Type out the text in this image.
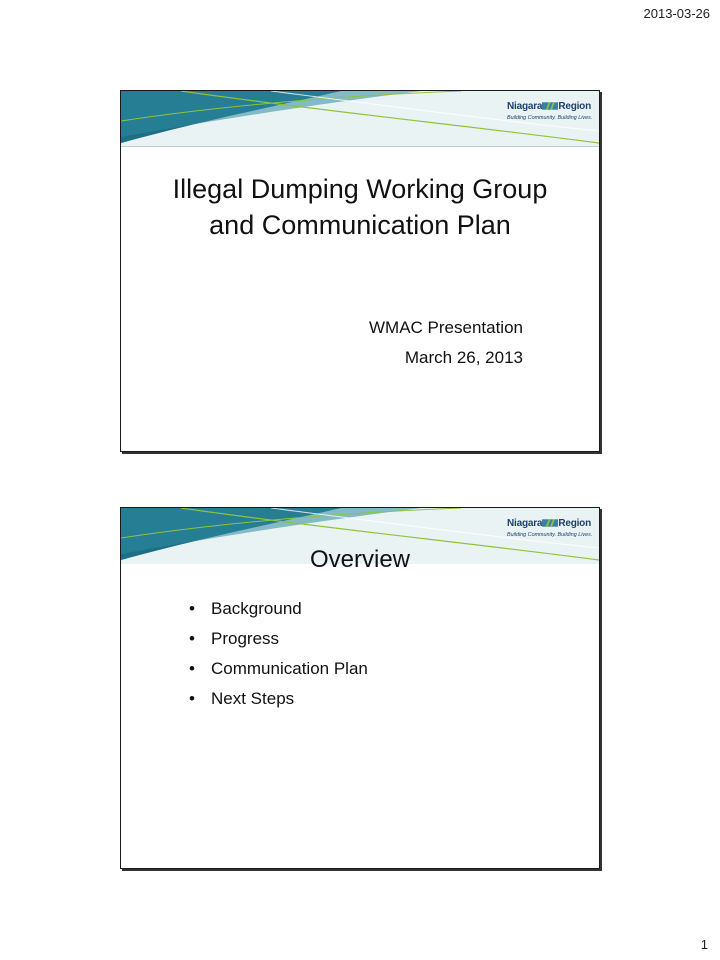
2013-03-26
Niagara Region
Building Community. Building Lives.
Illegal Dumping Working Group
and Communication Plan
WMAC Presentation
March 26, 2013
Niagara Region
Building Community. Building Lives.
Overview
• Background
• Progress
• Communication Plan
• Next Steps
1
